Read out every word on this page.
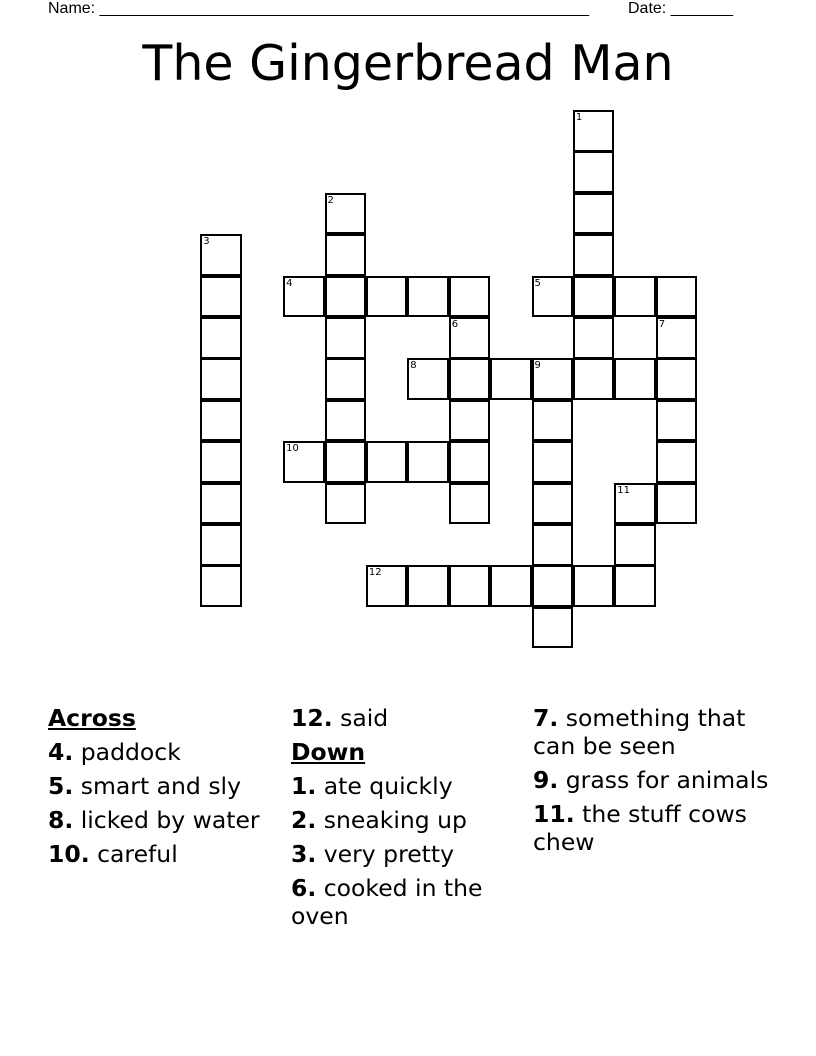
Name: _______________________________________________________ Date: _______
The Gingerbread Man
1
2
3
4	5
6	7
8	9
10
11
12
Across
4. paddock
5. smart and sly
8. licked by water
10. careful
12. said
Down
1. ate quickly
2. sneaking up
3. very pretty
6. cooked in the oven
7. something that can be seen
9. grass for animals
11. the stuff cows chew
